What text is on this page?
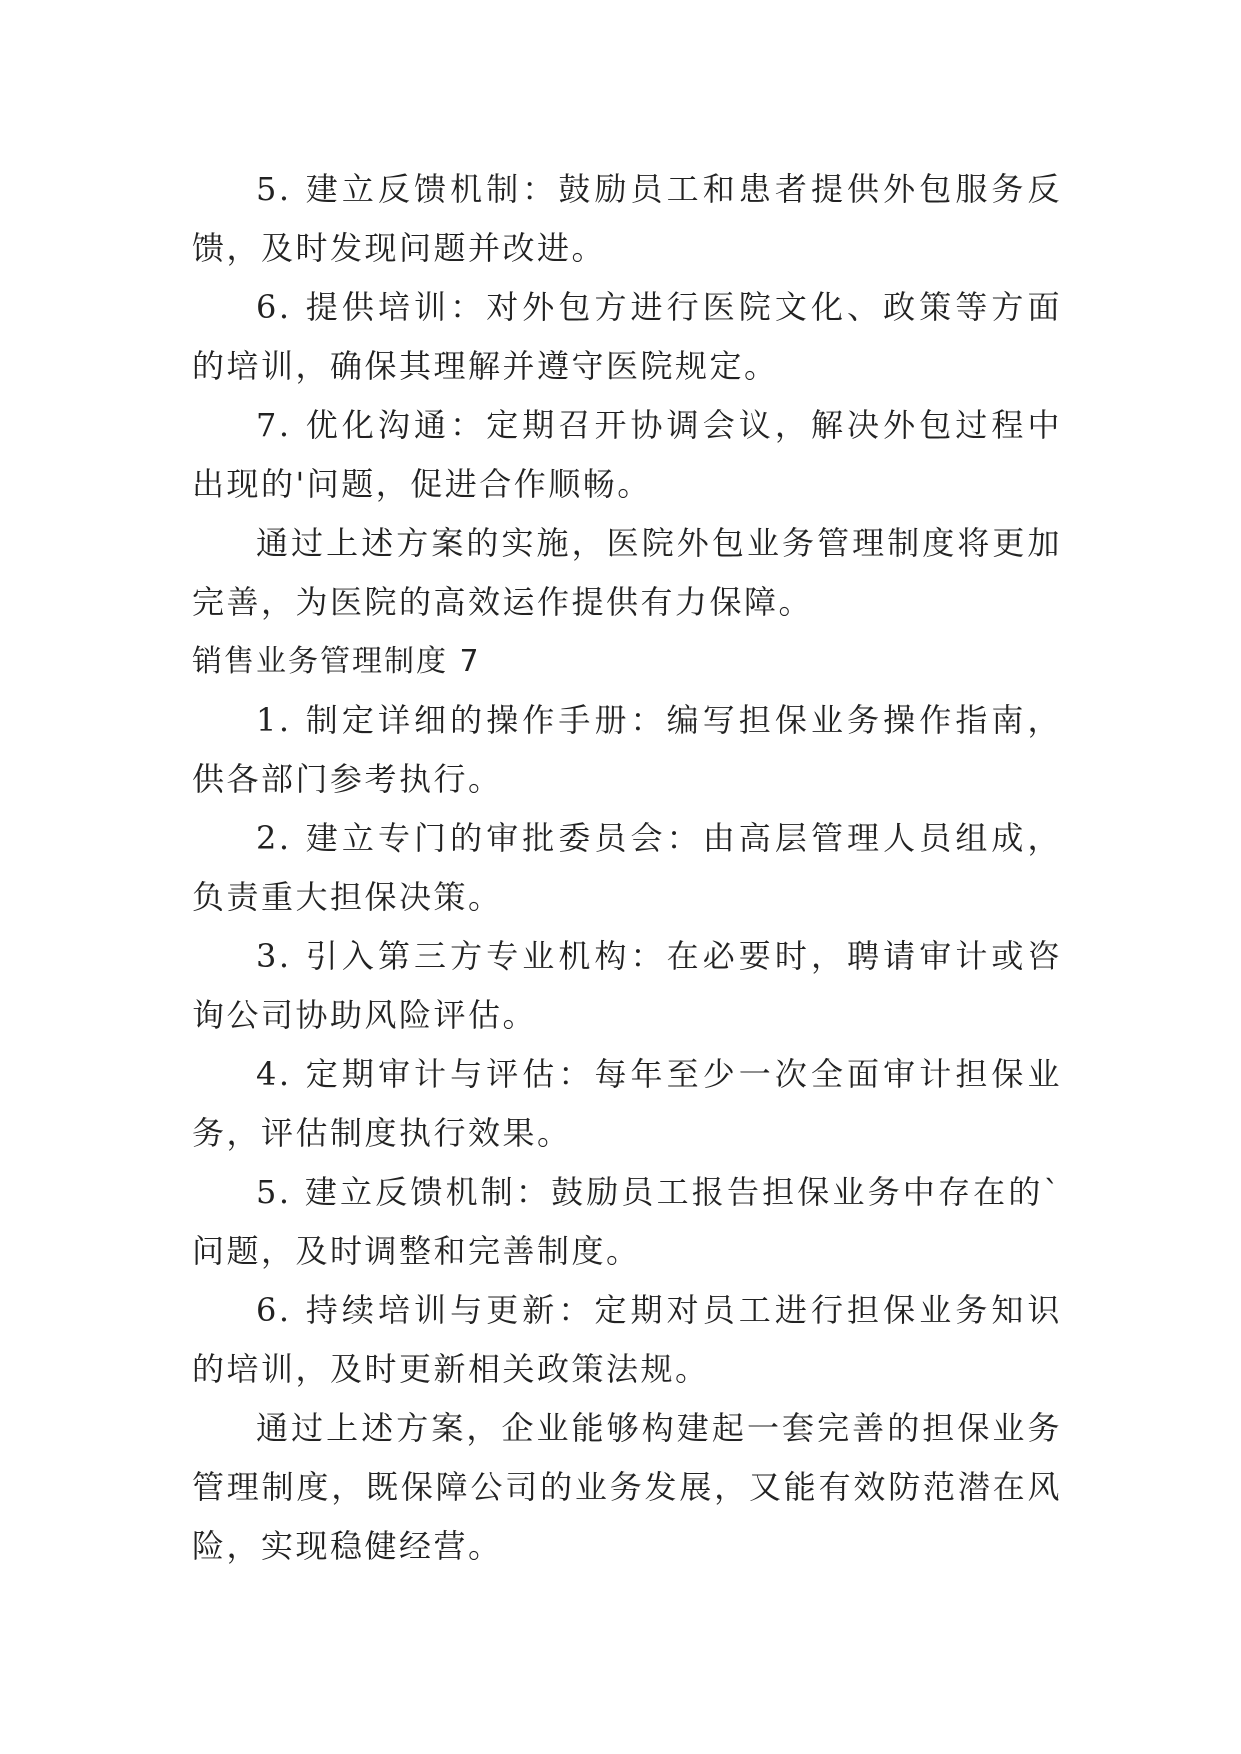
5. 建立反馈机制：鼓励员工和患者提供外包服务反馈，及时发现问题并改进。

6. 提供培训：对外包方进行医院文化、政策等方面的培训，确保其理解并遵守医院规定。

7. 优化沟通：定期召开协调会议，解决外包过程中出现的'问题，促进合作顺畅。

通过上述方案的实施，医院外包业务管理制度将更加完善，为医院的高效运作提供有力保障。

销售业务管理制度 7

1. 制定详细的操作手册：编写担保业务操作指南，供各部门参考执行。

2. 建立专门的审批委员会：由高层管理人员组成，负责重大担保决策。

3. 引入第三方专业机构：在必要时，聘请审计或咨询公司协助风险评估。

4. 定期审计与评估：每年至少一次全面审计担保业务，评估制度执行效果。

5. 建立反馈机制：鼓励员工报告担保业务中存在的`问题，及时调整和完善制度。

6. 持续培训与更新：定期对员工进行担保业务知识的培训，及时更新相关政策法规。

通过上述方案，企业能够构建起一套完善的担保业务管理制度，既保障公司的业务发展，又能有效防范潜在风险，实现稳健经营。
